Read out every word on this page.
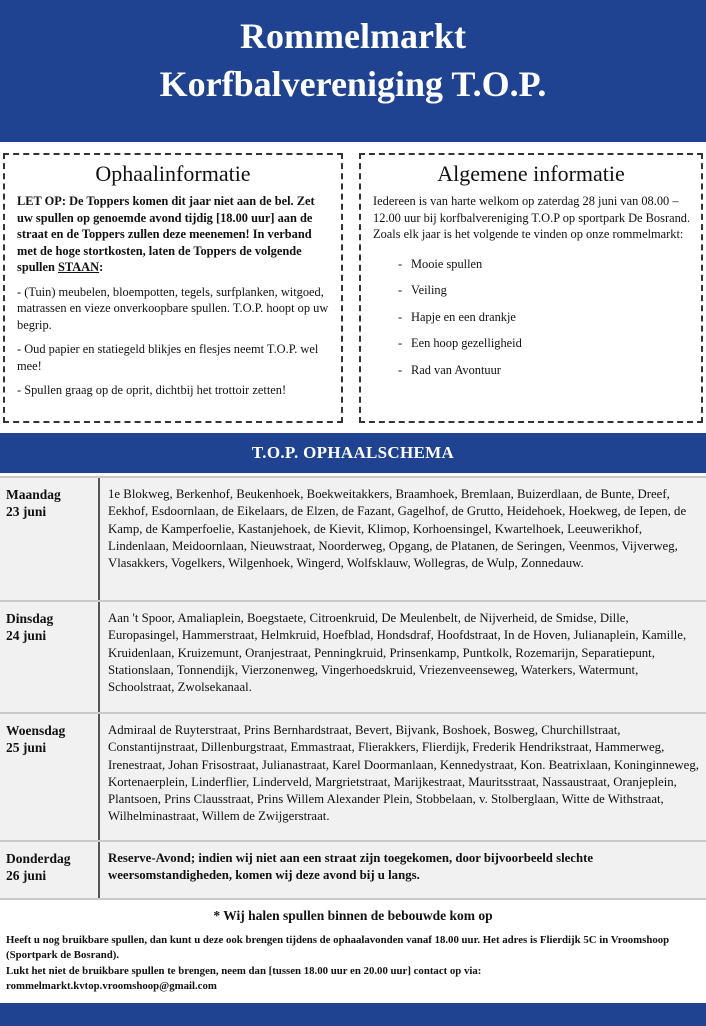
Rommelmarkt
Korfbalvereniging T.O.P.
Ophaalinformatie

LET OP: De Toppers komen dit jaar niet aan de bel. Zet uw spullen op genoemde avond tijdig [18.00 uur] aan de straat en de Toppers zullen deze meenemen! In verband met de hoge stortkosten, laten de Toppers de volgende spullen STAAN:

- (Tuin) meubelen, bloempotten, tegels, surfplanken, witgoed, matrassen en vieze onverkoopbare spullen. T.O.P. hoopt op uw begrip.

- Oud papier en statiegeld blikjes en flesjes neemt T.O.P. wel mee!

- Spullen graag op de oprit, dichtbij het trottoir zetten!

Algemene informatie
Iedereen is van harte welkom op zaterdag 28 juni van 08.00 – 12.00 uur bij korfbalvereniging T.O.P op sportpark De Bosrand.
Zoals elk jaar is het volgende te vinden op onze rommelmarkt:
- Mooie spullen
- Veiling
- Hapje en een drankje
- Een hoop gezelligheid
- Rad van Avontuur
T.O.P. OPHAALSCHEMA
Maandag
23 juni
1e Blokweg, Berkenhof, Beukenhoek, Boekweitakkers, Braamhoek, Bremlaan, Buizerdlaan, de Bunte, Dreef, Eekhof, Esdoornlaan, de Eikelaars, de Elzen, de Fazant, Gagelhof, de Grutto, Heidehoek, Hoekweg, de Iepen, de Kamp, de Kamperfoelie, Kastanjehoek, de Kievit, Klimop, Korhoensingel, Kwartelhoek, Leeuwerikhof, Lindenlaan, Meidoornlaan, Nieuwstraat, Noorderweg, Opgang, de Platanen, de Seringen, Veenmos, Vijverweg, Vlasakkers, Vogelkers, Wilgenhoek, Wingerd, Wolfsklauw, Wollegras, de Wulp, Zonnedauw.
Dinsdag
24 juni
Aan 't Spoor, Amaliaplein, Boegstaete, Citroenkruid, De Meulenbelt, de Nijverheid, de Smidse, Dille, Europasingel, Hammerstraat, Helmkruid, Hoefblad, Hondsdraf, Hoofdstraat, In de Hoven, Julianaplein, Kamille, Kruidenlaan, Kruizemunt, Oranjestraat, Penningkruid, Prinsenkamp, Puntkolk, Rozemarijn, Separatiepunt, Stationslaan, Tonnendijk, Vierzonenweg, Vingerhoedskruid, Vriezenveenseweg, Waterkers, Watermunt, Schoolstraat, Zwolsekanaal.
Woensdag
25 juni
Admiraal de Ruyterstraat, Prins Bernhardstraat, Bevert, Bijvank, Boshoek, Bosweg, Churchillstraat, Constantijnstraat, Dillenburgstraat, Emmastraat, Flierakkers, Flierdijk, Frederik Hendrikstraat, Hammerweg, Irenestraat, Johan Frisostraat, Julianastraat, Karel Doormanlaan, Kennedystraat, Kon. Beatrixlaan, Koninginneweg, Kortenaerplein, Linderflier, Linderveld, Margrietstraat, Marijkestraat, Mauritsstraat, Nassaustraat, Oranjeplein, Plantsoen, Prins Clausstraat, Prins Willem Alexander Plein, Stobbelaan, v. Stolberglaan, Witte de Withstraat, Wilhelminastraat, Willem de Zwijgerstraat.
Donderdag
26 juni
Reserve-Avond; indien wij niet aan een straat zijn toegekomen, door bijvoorbeeld slechte weersomstandigheden, komen wij deze avond bij u langs.
* Wij halen spullen binnen de bebouwde kom op
Heeft u nog bruikbare spullen, dan kunt u deze ook brengen tijdens de ophaalavonden vanaf 18.00 uur. Het adres is Flierdijk 5C in Vroomshoop (Sportpark de Bosrand).
Lukt het niet de bruikbare spullen te brengen, neem dan [tussen 18.00 uur en 20.00 uur] contact op via:
rommelmarkt.kvtop.vroomshoop@gmail.com
